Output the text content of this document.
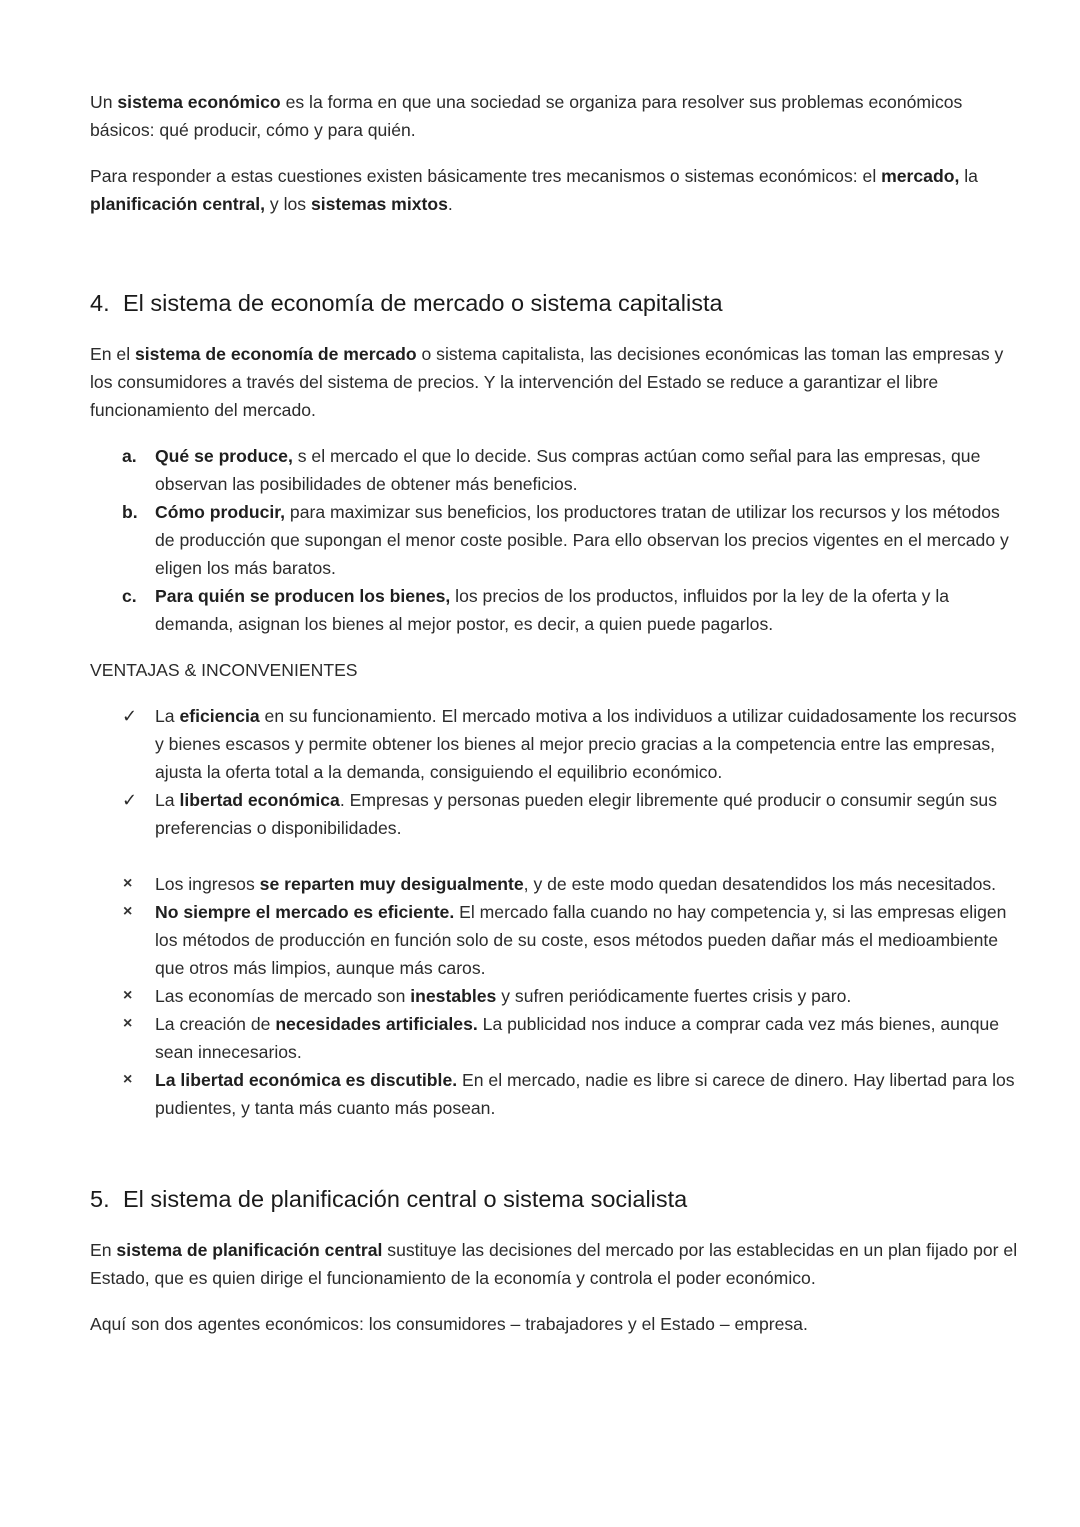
Un sistema económico es la forma en que una sociedad se organiza para resolver sus problemas económicos básicos: qué producir, cómo y para quién.

Para responder a estas cuestiones existen básicamente tres mecanismos o sistemas económicos: el mercado, la planificación central, y los sistemas mixtos.

4. El sistema de economía de mercado o sistema capitalista

En el sistema de economía de mercado o sistema capitalista, las decisiones económicas las toman las empresas y los consumidores a través del sistema de precios. Y la intervención del Estado se reduce a garantizar el libre funcionamiento del mercado.

a. Qué se produce, s el mercado el que lo decide. Sus compras actúan como señal para las empresas, que observan las posibilidades de obtener más beneficios.
b. Cómo producir, para maximizar sus beneficios, los productores tratan de utilizar los recursos y los métodos de producción que supongan el menor coste posible. Para ello observan los precios vigentes en el mercado y eligen los más baratos.
c. Para quién se producen los bienes, los precios de los productos, influidos por la ley de la oferta y la demanda, asignan los bienes al mejor postor, es decir, a quien puede pagarlos.

VENTAJAS & INCONVENIENTES

✓ La eficiencia en su funcionamiento. El mercado motiva a los individuos a utilizar cuidadosamente los recursos y bienes escasos y permite obtener los bienes al mejor precio gracias a la competencia entre las empresas, ajusta la oferta total a la demanda, consiguiendo el equilibrio económico.
✓ La libertad económica. Empresas y personas pueden elegir libremente qué producir o consumir según sus preferencias o disponibilidades.
×	Los ingresos se reparten muy desigualmente, y de este modo quedan desatendidos los más necesitados.
×	No siempre el mercado es eficiente. El mercado falla cuando no hay competencia y, si las empresas eligen los métodos de producción en función solo de su coste, esos métodos pueden dañar más el medioambiente que otros más limpios, aunque más caros.
×	Las economías de mercado son inestables y sufren periódicamente fuertes crisis y paro.
×	La creación de necesidades artificiales. La publicidad nos induce a comprar cada vez más bienes, aunque sean innecesarios.
×	La libertad económica es discutible. En el mercado, nadie es libre si carece de dinero. Hay libertad para los pudientes, y tanta más cuanto más posean.
5. El sistema de planificación central o sistema socialista

En sistema de planificación central sustituye las decisiones del mercado por las establecidas en un plan fijado por el Estado, que es quien dirige el funcionamiento de la economía y controla el poder económico.

Aquí son dos agentes económicos: los consumidores – trabajadores y el Estado – empresa.
